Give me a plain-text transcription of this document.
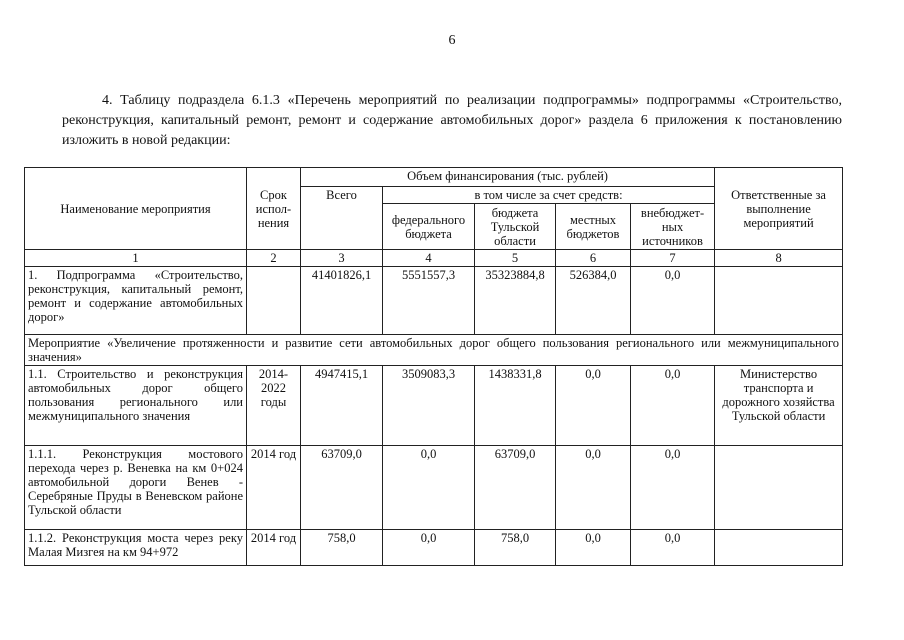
6
4. Таблицу подраздела 6.1.3 «Перечень мероприятий по реализации подпрограммы» подпрограммы «Строительство, реконструкция, капитальный ремонт, ремонт и содержание автомобильных дорог» раздела 6 приложения к постановлению изложить в новой редакции:
Наименование мероприятия	Срок испол-нения	Объем финансирования (тыс. рублей)					Ответственные за выполнение мероприятий
		Всего	в том числе за счет средств:				
			федерального бюджета	бюджета Тульской области	местных бюджетов	внебюджет-ных источников	
1	2	3	4	5	6	7	8
1. Подпрограмма «Строительство, реконструкция, капитальный ремонт, ремонт и содержание автомобильных дорог»		41401826,1	5551557,3	35323884,8	526384,0	0,0	
Мероприятие «Увеличение протяженности и развитие сети автомобильных дорог общего пользования регионального или межмуниципального значения»							
1.1. Строительство и реконструкция автомобильных дорог общего пользования регионального или межмуниципального значения	2014-2022 годы	4947415,1	3509083,3	1438331,8	0,0	0,0	Министерство транспорта и дорожного хозяйства Тульской области
1.1.1. Реконструкция мостового перехода через р. Веневка на км 0+024 автомобильной дороги Венев - Серебряные Пруды в Веневском районе Тульской области	2014 год	63709,0	0,0	63709,0	0,0	0,0	
1.1.2. Реконструкция моста через реку Малая Мизгея на км 94+972	2014 год	758,0	0,0	758,0	0,0	0,0	
